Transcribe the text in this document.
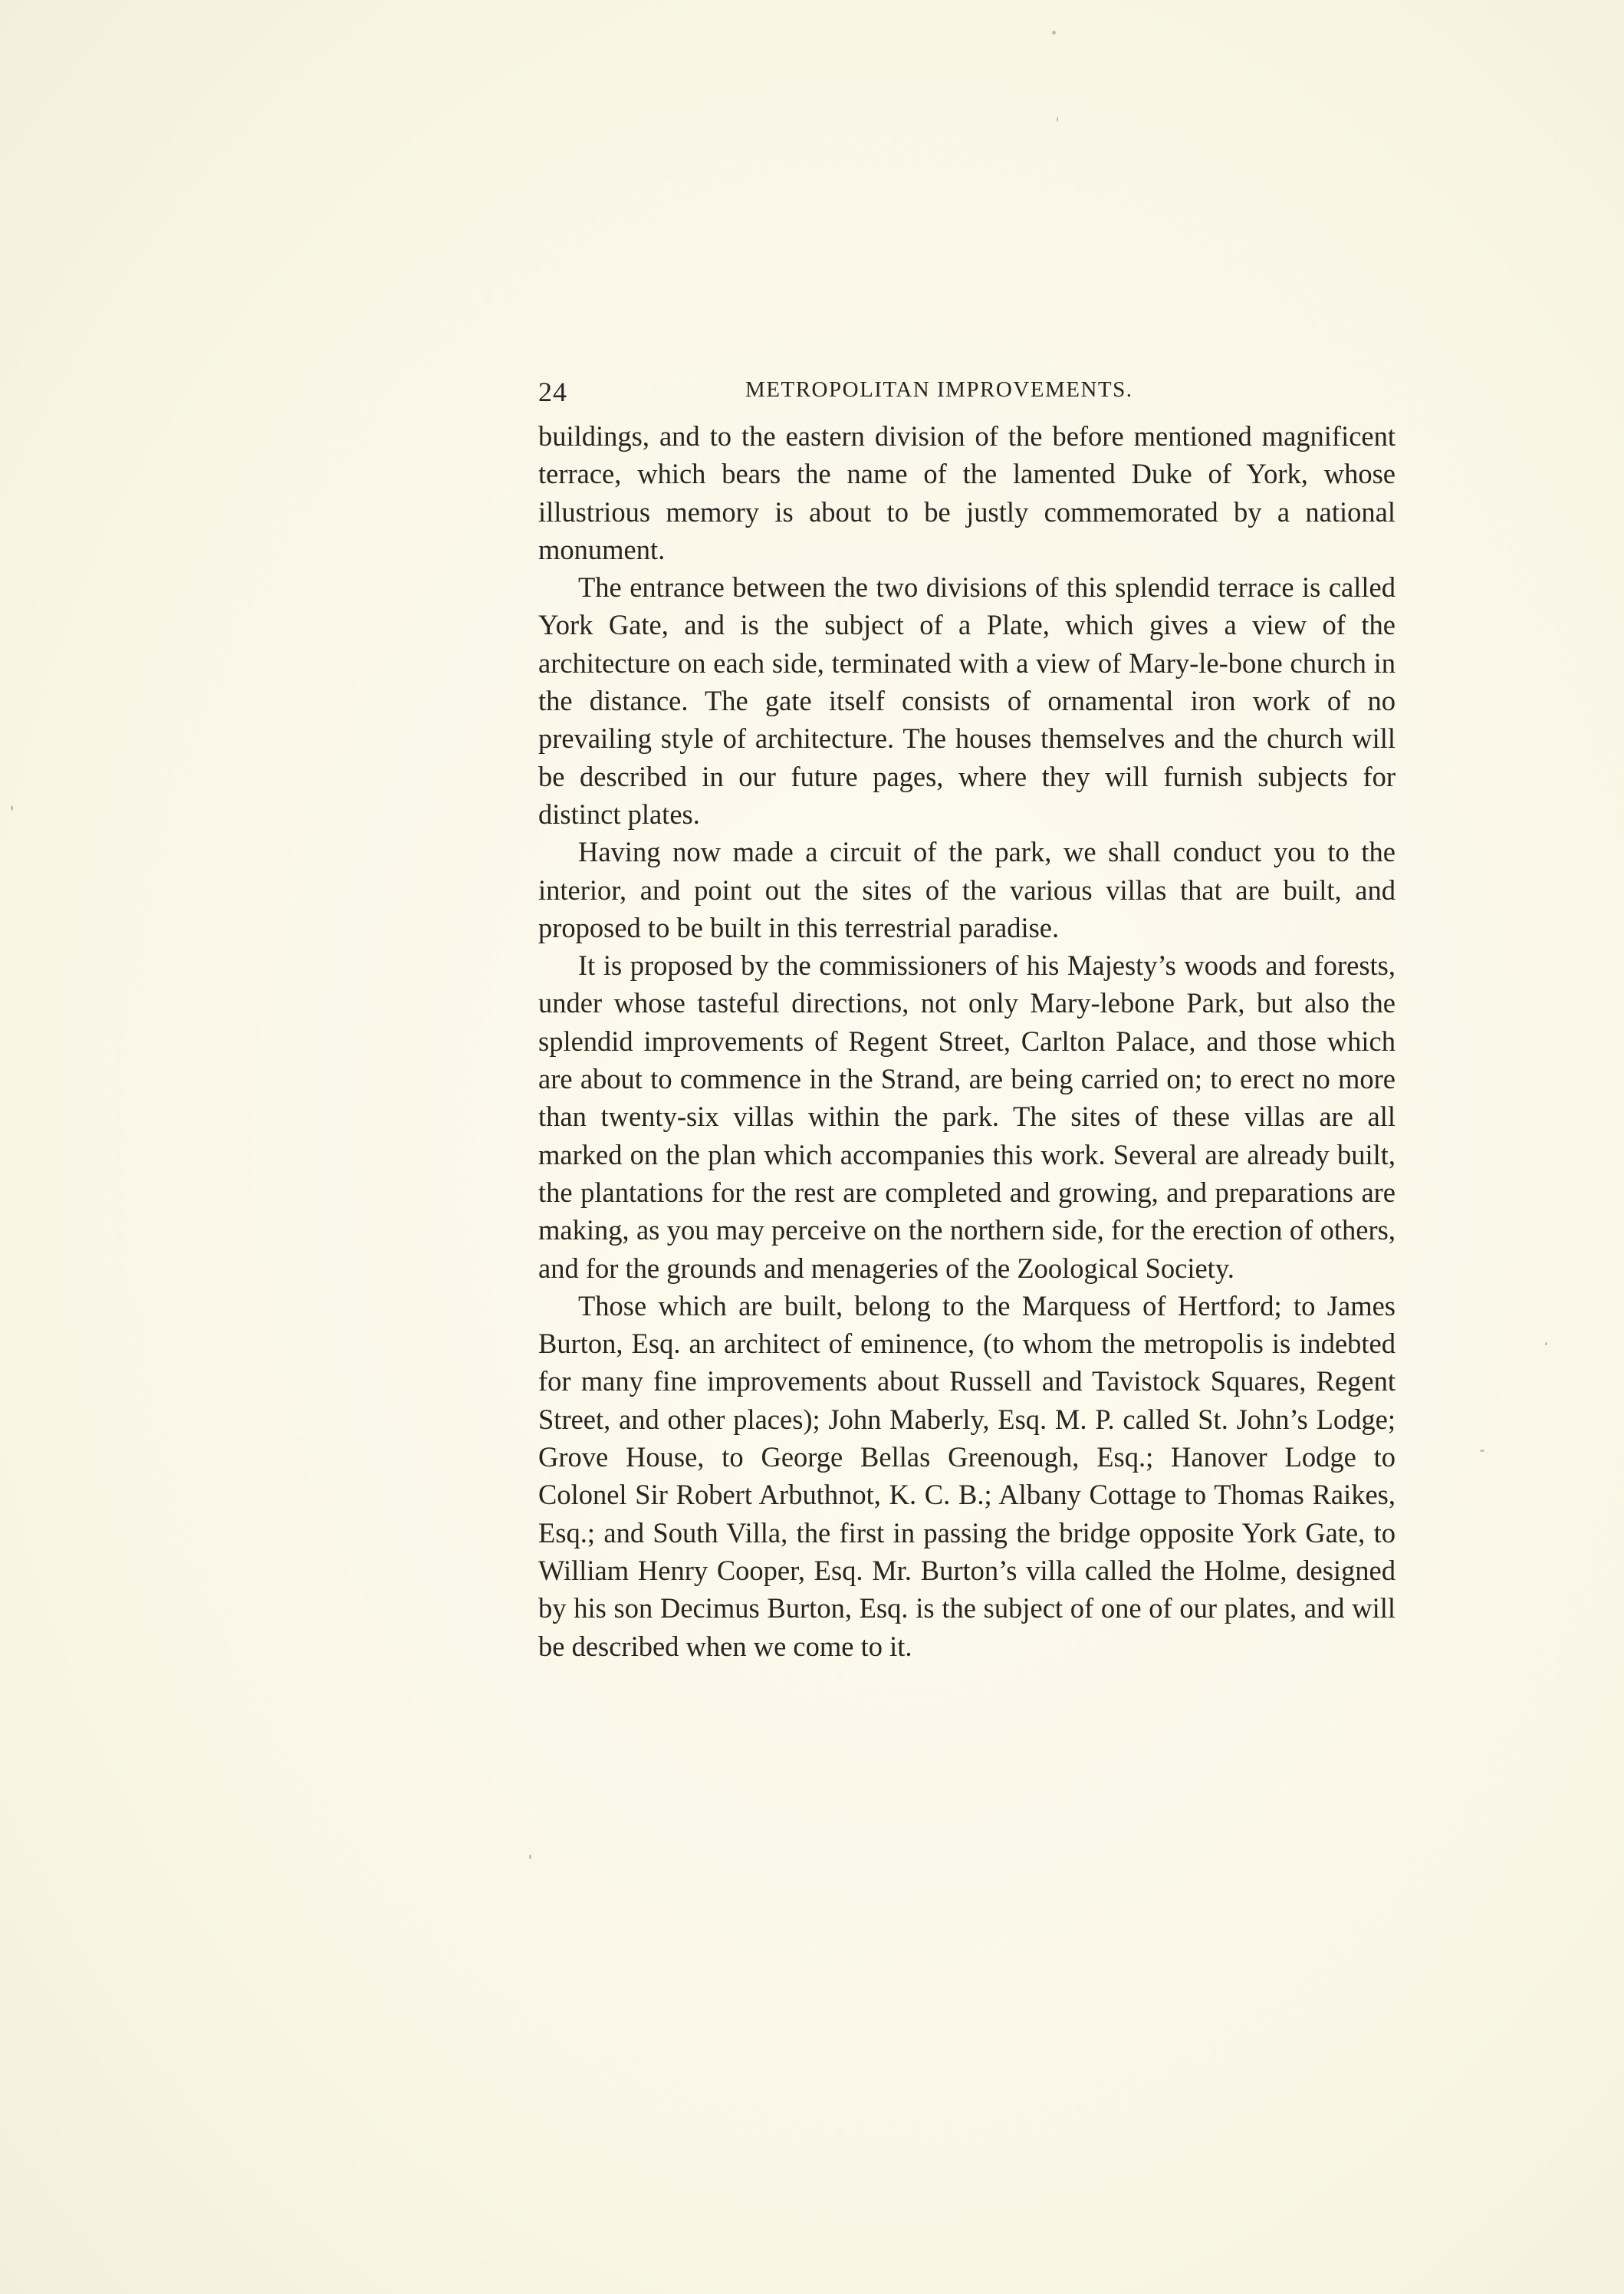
24	METROPOLITAN IMPROVEMENTS.

buildings, and to the eastern division of the before mentioned magnificent terrace, which bears the name of the lamented Duke of York, whose illustrious memory is about to be justly commemorated by a national monument.

The entrance between the two divisions of this splendid terrace is called York Gate, and is the subject of a Plate, which gives a view of the architecture on each side, terminated with a view of Mary-le-bone church in the distance. The gate itself consists of ornamental iron work of no prevailing style of architecture. The houses themselves and the church will be described in our future pages, where they will furnish subjects for distinct plates.

Having now made a circuit of the park, we shall conduct you to the interior, and point out the sites of the various villas that are built, and proposed to be built in this terrestrial paradise.

It is proposed by the commissioners of his Majesty’s woods and forests, under whose tasteful directions, not only Mary-lebone Park, but also the splendid improvements of Regent Street, Carlton Palace, and those which are about to commence in the Strand, are being carried on; to erect no more than twenty-six villas within the park. The sites of these villas are all marked on the plan which accompanies this work. Several are already built, the plantations for the rest are completed and growing, and preparations are making, as you may perceive on the northern side, for the erection of others, and for the grounds and menageries of the Zoological Society.

Those which are built, belong to the Marquess of Hertford; to James Burton, Esq. an architect of eminence, (to whom the metropolis is indebted for many fine improvements about Russell and Tavistock Squares, Regent Street, and other places); John Maberly, Esq. M. P. called St. John’s Lodge; Grove House, to George Bellas Greenough, Esq.; Hanover Lodge to Colonel Sir Robert Arbuthnot, K. C. B.; Albany Cottage to Thomas Raikes, Esq.; and South Villa, the first in passing the bridge opposite York Gate, to William Henry Cooper, Esq. Mr. Burton’s villa called the Holme, designed by his son Decimus Burton, Esq. is the subject of one of our plates, and will be described when we come to it.
